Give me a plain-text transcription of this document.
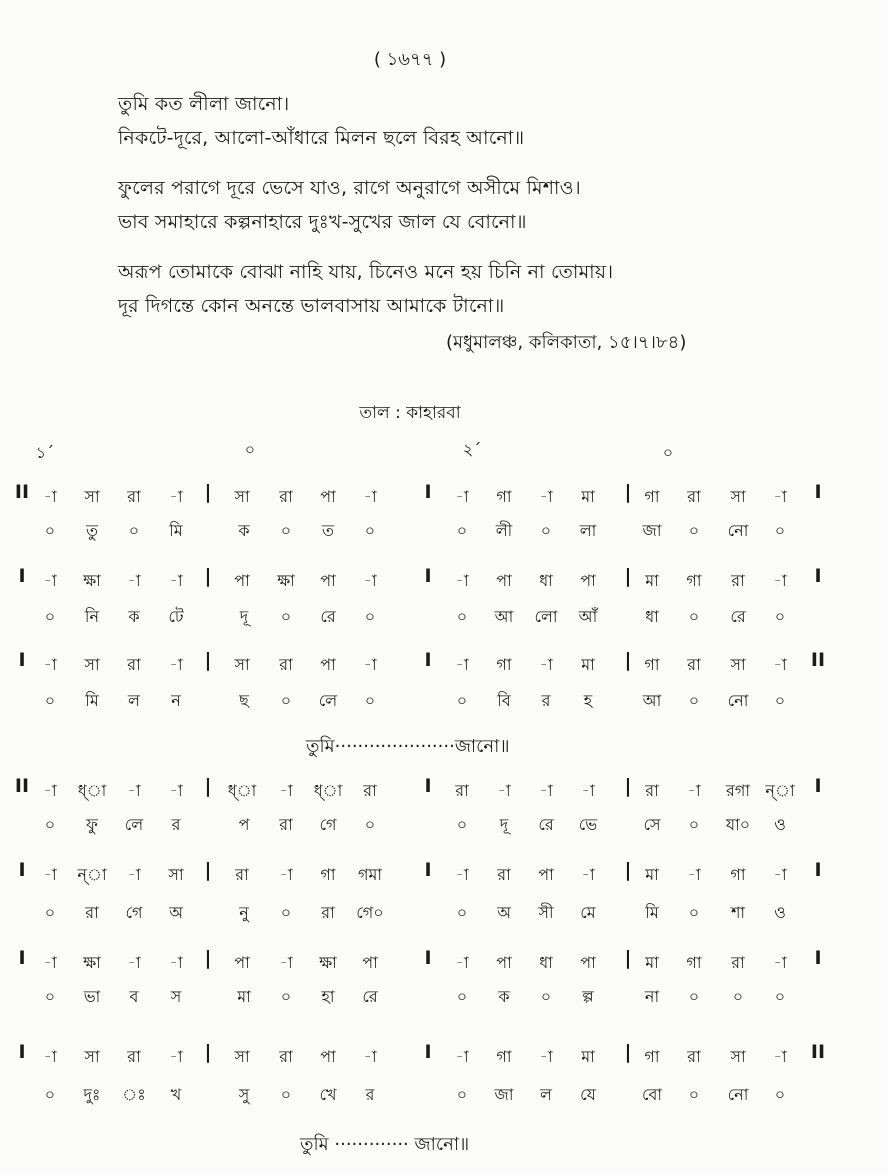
( ১৬৭৭ )
তুমি কত লীলা জানো।
নিকটে-দূরে, আলো-আঁধারে মিলন ছলে বিরহ আনো॥
ফুলের পরাগে দূরে ভেসে যাও, রাগে অনুরাগে অসীমে মিশাও।
ভাব সমাহারে কল্পনাহারে দুঃখ-সুখের জাল যে বোনো॥
অরূপ তোমাকে বোঝা নাহি যায়, চিনেও মনে হয় চিনি না তোমায়।
দূর দিগন্তে কোন অনন্তে ভালবাসায় আমাকে টানো॥
(মধুমালঞ্চ, কলিকাতা, ১৫।৭।৮৪)
তাল : কাহারবা
১´	০	২´	০
II	|	I	|	I
-া সা রা -া	সা রা পা -া	-া গা -া মা	গা রা সা -া
০ তু ০ মি	ক ০ ত ০	০ লী ০ লা	জা ০ নো ০
I	|	I	|	I
-া ক্ষা -া -া	পা ক্ষা পা -া	-া পা ধা পা	মা গা রা -া
০ নি ক টে	দূ ০ রে ০	০ আ লো আঁ	ধা ০ রে ০
I	|	I	|	II
-া সা রা -া	সা রা পা -া	-া গা -া মা	গা রা সা -া
০ মি ল ন	ছ ০ লে ০	০ বি র হ	আ ০ নো ০
II	|	I	|	I
-া ধ্া -া -া	ধ্া -া ধ্া রা	রা -া -া -া	রা -া রগা ন্া
০ ফু লে র	প রা গে ০	০ দূ রে ভে	সে ০ যা০ ও
I	|	I	|	I
-া ন্া -া সা	রা -া গা গমা	-া রা পা -া	মা -া গা -া
০ রা গে অ	নু ০ রা গে০	০ অ সী মে	মি ০ শা ও
I	|	I	|	I
-া ক্ষা -া -া	পা -া ক্ষা পা	-া পা ধা পা	মা গা রা -া
০ ভা ব স	মা ০ হা রে	০ ক ০ ল্প	না ০ ০ ০
I	|	I	|	II
-া সা রা -া	সা রা পা -া	-া গা -া মা	গা রা সা -া
০ দুঃ ঃ খ	সু ০ খে র	০ জা ল যে	বো ০ নো ০
তুমি·····················জানো॥
তুমি ············· জানো॥
